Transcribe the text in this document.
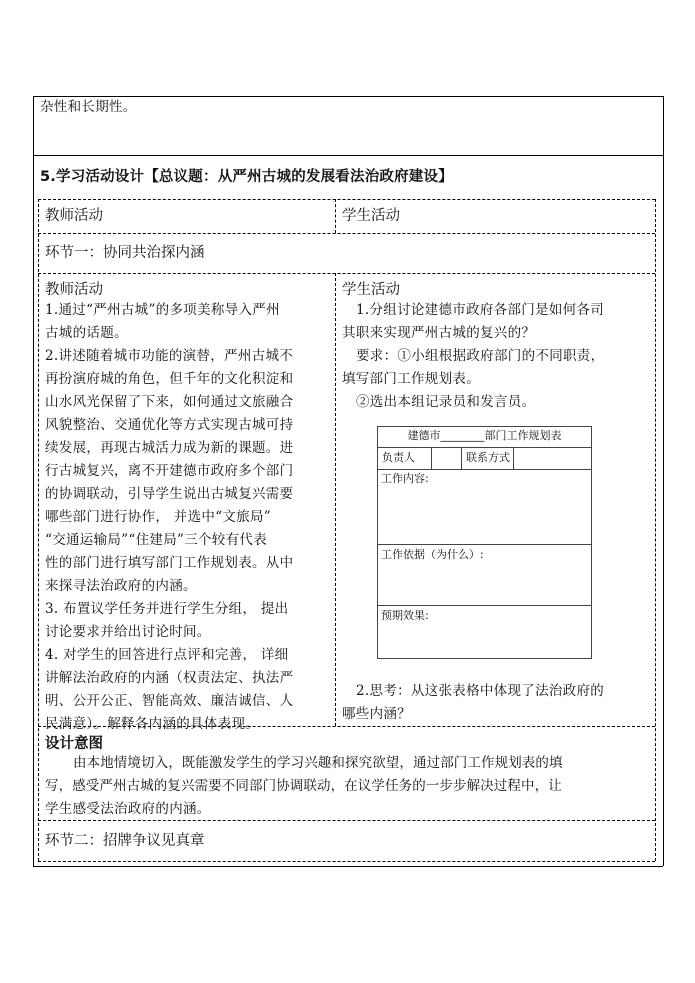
杂性和长期性。
5.学习活动设计【总议题：从严州古城的发展看法治政府建设】
教师活动	学生活动
环节一：协同共治探内涵
教师活动
1.通过“严州古城”的多项美称导入严州
古城的话题。
2.讲述随着城市功能的演替，严州古城不
再扮演府城的角色，但千年的文化积淀和
山水风光保留了下来，如何通过文旅融合
风貌整治、交通优化等方式实现古城可持
续发展，再现古城活力成为新的课题。进
行古城复兴，离不开建德市政府多个部门
的协调联动，引导学生说出古城复兴需要
哪些部门进行协作， 并选中“文旅局”
“交通运输局”“住建局”三个较有代表
性的部门进行填写部门工作规划表。从中
来探寻法治政府的内涵。
3. 布置议学任务并进行学生分组， 提出
讨论要求并给出讨论时间。
4. 对学生的回答进行点评和完善， 详细
讲解法治政府的内涵（权责法定、执法严
明、公开公正、智能高效、廉洁诚信、人
民满意）。解释各内涵的具体表现。
学生活动
1.分组讨论建德市政府各部门是如何各司
其职来实现严州古城的复兴的？
要求：①小组根据政府部门的不同职责，
填写部门工作规划表。
②选出本组记录员和发言员。
建德市________部门工作规划表
负责人	联系方式
工作内容:
工作依据（为什么）:
预期效果:
2.思考：从这张表格中体现了法治政府的
哪些内涵？
设计意图
由本地情境切入，既能激发学生的学习兴趣和探究欲望，通过部门工作规划表的填
写，感受严州古城的复兴需要不同部门协调联动，在议学任务的一步步解决过程中，让
学生感受法治政府的内涵。
环节二：招牌争议见真章
